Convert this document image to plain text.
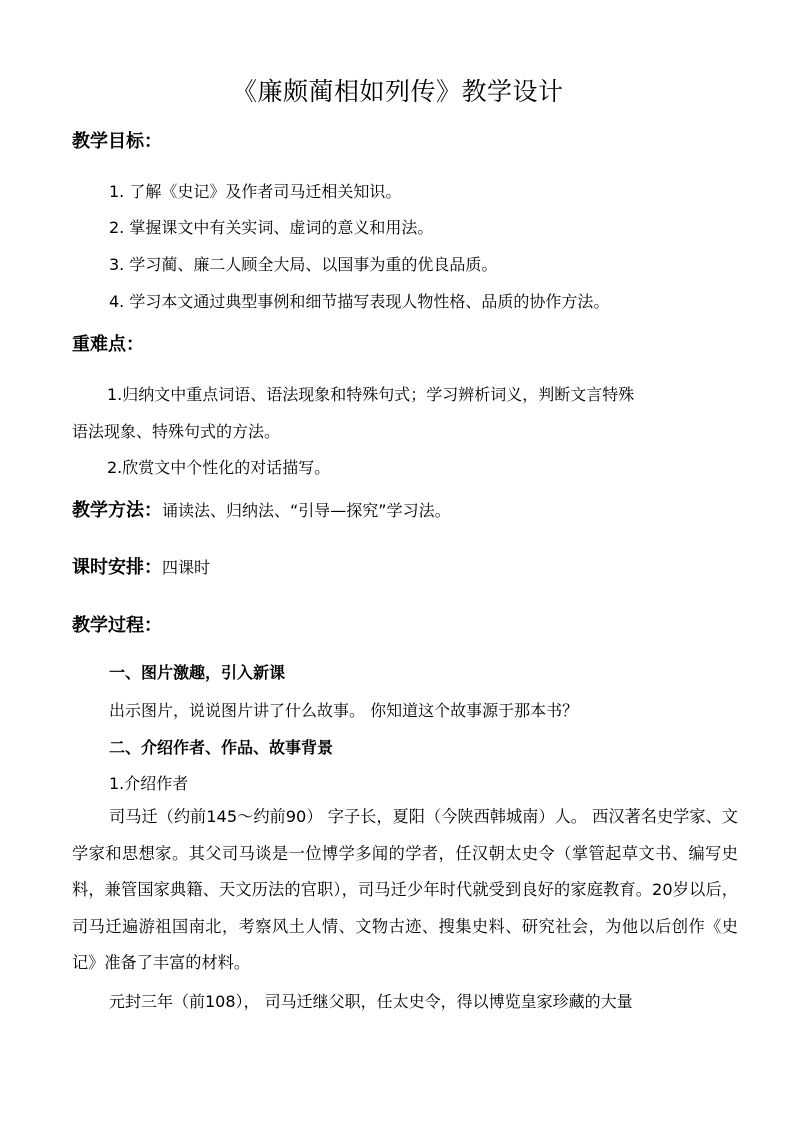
《廉颇蔺相如列传》教学设计
教学目标：
1. 了解《史记》及作者司马迁相关知识。
2. 掌握课文中有关实词、虚词的意义和用法。
3. 学习蔺、廉二人顾全大局、以国事为重的优良品质。
4. 学习本文通过典型事例和细节描写表现人物性格、品质的协作方法。
重难点：
1.归纳文中重点词语、语法现象和特殊句式；学习辨析词义，判断文言特殊
语法现象、特殊句式的方法。
2.欣赏文中个性化的对话描写。
教学方法：诵读法、归纳法、“引导—探究”学习法。
课时安排：四课时
教学过程：
一、图片激趣，引入新课
出示图片，说说图片讲了什么故事。 你知道这个故事源于那本书？
二、介绍作者、作品、故事背景
1.介绍作者
司马迁（约前145～约前90） 字子长，夏阳（今陕西韩城南）人。 西汉著名史学家、文学家和思想家。其父司马谈是一位博学多闻的学者，任汉朝太史令（掌管起草文书、编写史料，兼管国家典籍、天文历法的官职），司马迁少年时代就受到良好的家庭教育。20岁以后，司马迁遍游祖国南北，考察风土人情、文物古迹、搜集史料、研究社会，为他以后创作《史记》准备了丰富的材料。
元封三年（前108）， 司马迁继父职，任太史令，得以博览皇家珍藏的大量
